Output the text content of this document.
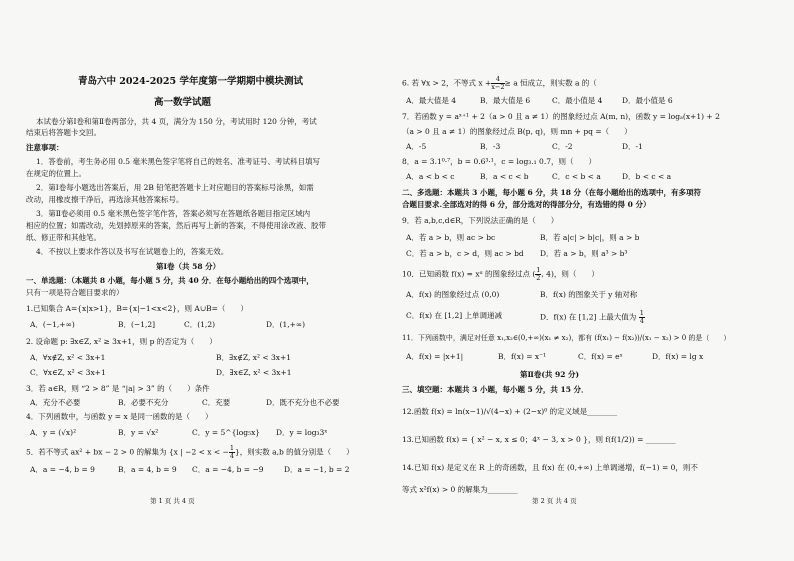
青岛六中 2024-2025 学年度第一学期期中模块测试
高一数学试题
本试卷分第Ⅰ卷和第Ⅱ卷两部分，共 4 页，满分为 150 分，考试用时 120 分钟，考试
结束后将答题卡交回。
注意事项：
1．答卷前，考生务必用 0.5 毫米黑色签字笔将自己的姓名、准考证号、考试科目填写
在规定的位置上。
2．第Ⅰ卷每小题选出答案后，用 2B 铅笔把答题卡上对应题目的答案标号涂黑，如需
改动，用橡皮擦干净后，再选涂其他答案标号。
3．第Ⅱ卷必须用 0.5 毫米黑色签字笔作答，答案必须写在答题纸各题目指定区域内
相应的位置；如需改动，先划掉原来的答案，然后再写上新的答案，不得使用涂改液、胶带
纸、修正带和其他笔。
4．不按以上要求作答以及书写在试题卷上的，答案无效。
第Ⅰ卷（共 58 分）
一、单选题：（本题共 8 小题，每小题 5 分，共 40 分．在每小题给出的四个选项中，
只有一项是符合题目要求的）
1.已知集合 A={x|x>1}，B={x|−1<x<2}，则 A∪B=（　　）
A．(−1,+∞)	B．(−1,2]	C．(1,2)	D．(1,+∞)
2. 设命题 p: ∃x∈Z, x² ≥ 3x+1，则 p 的否定为（　　）
A．∀x∉Z, x² < 3x+1	B．∃x∉Z, x² < 3x+1
C．∀x∈Z, x² < 3x+1	D．∃x∈Z, x² < 3x+1
3．若 a∈R，则 “2 > 8” 是 “|a| > 3” 的（　　）条件
A．充分不必要	B．必要不充分	C．充要	D．既不充分也不必要
4．下列函数中，与函数 y = x 是同一函数的是（　　）
A．y = (√x)²	B．y = √x²	C．y = 5^{log₅x} D．y = log₃3ˣ
5．若不等式 ax² + bx − 2 > 0 的解集为 {x | −2 < x < − $\frac{1}{4}$ }，则实数 a,b 的值分别是（　　）
A．a = −4, b = 9	B．a = 4, b = 9 C．a = −4, b = −9	D．a = −1, b = 2
第 1 页 共 4 页
6. 若 ∀x > 2，不等式 $x + \frac{4}{x-2} \ge a$ 恒成立，则实数 a 的（
A．最大值是 4	B．最大值是 6	C．最小值是 4	D．最小值是 6
7．若函数 y = aˣ⁺¹ + 2（a > 0 且 a ≠ 1）的图象经过点 A(m, n)，函数 y = logₐ(x+1) + 2
（a > 0 且 a ≠ 1）的图象经过点 B(p, q)，则 mn + pq =（　　）
A．-5	B．-3	C．-2	D．-1
8．a = 3.1⁰·⁷，b = 0.6³·¹，c = log₃.₁ 0.7，则（　　）
A．a < b < c	B．a < c < b	C．c < b < a	D．b < c < a
二、多选题：本题共 3 小题，每小题 6 分，共 18 分（在每小题给出的选项中，有多项符
合题目要求.全部选对的得 6 分，部分选对的得部分分，有选错的得 0 分）
9．若 a,b,c,d∈R，下列说法正确的是（　　）
A．若 a > b，则 ac > bc	B．若 a|c| > b|c|，则 a > b
C．若 a > b，c > d，则 ac > bd D．若 a > b，则 a³ > b³
10．已知函数 f(x) = xᵅ 的图象经过点 ( $\frac{1}{2}$ , 4)，则（　　）
A．f(x) 的图象经过点 (0,0)	B．f(x) 的图象关于 y 轴对称
C．f(x) 在 [1,2] 上单调递减	D．f(x) 在 [1,2] 上最大值为 $\frac{1}{4}$
11．下列函数中，满足对任意 x₁,x₂∈(0,+∞)(x₁ ≠ x₂)，都有 (f(x₁) − f(x₂))/(x₁ − x₂) > 0 的是（　　）
A．f(x) = |x+1|	B．f(x) = x⁻¹	C．f(x) = eˣ	D．f(x) = lg x
第Ⅱ卷(共 92 分)
三、填空题：本题共 3 小题，每小题 5 分，共 15 分．
12.函数 f(x) = ln(x−1)/√(4−x) + (2−x)⁰ 的定义域是________
13.已知函数 f(x) = { x² − x, x ≤ 0；4ˣ − 3, x > 0 }，则 f(f(1/2)) = ________
14.已知 f(x) 是定义在 R 上的奇函数，且 f(x) 在 (0,+∞) 上单调递增，f(−1) = 0，则不
等式 x²f(x) > 0 的解集为________
第 2 页 共 4 页
